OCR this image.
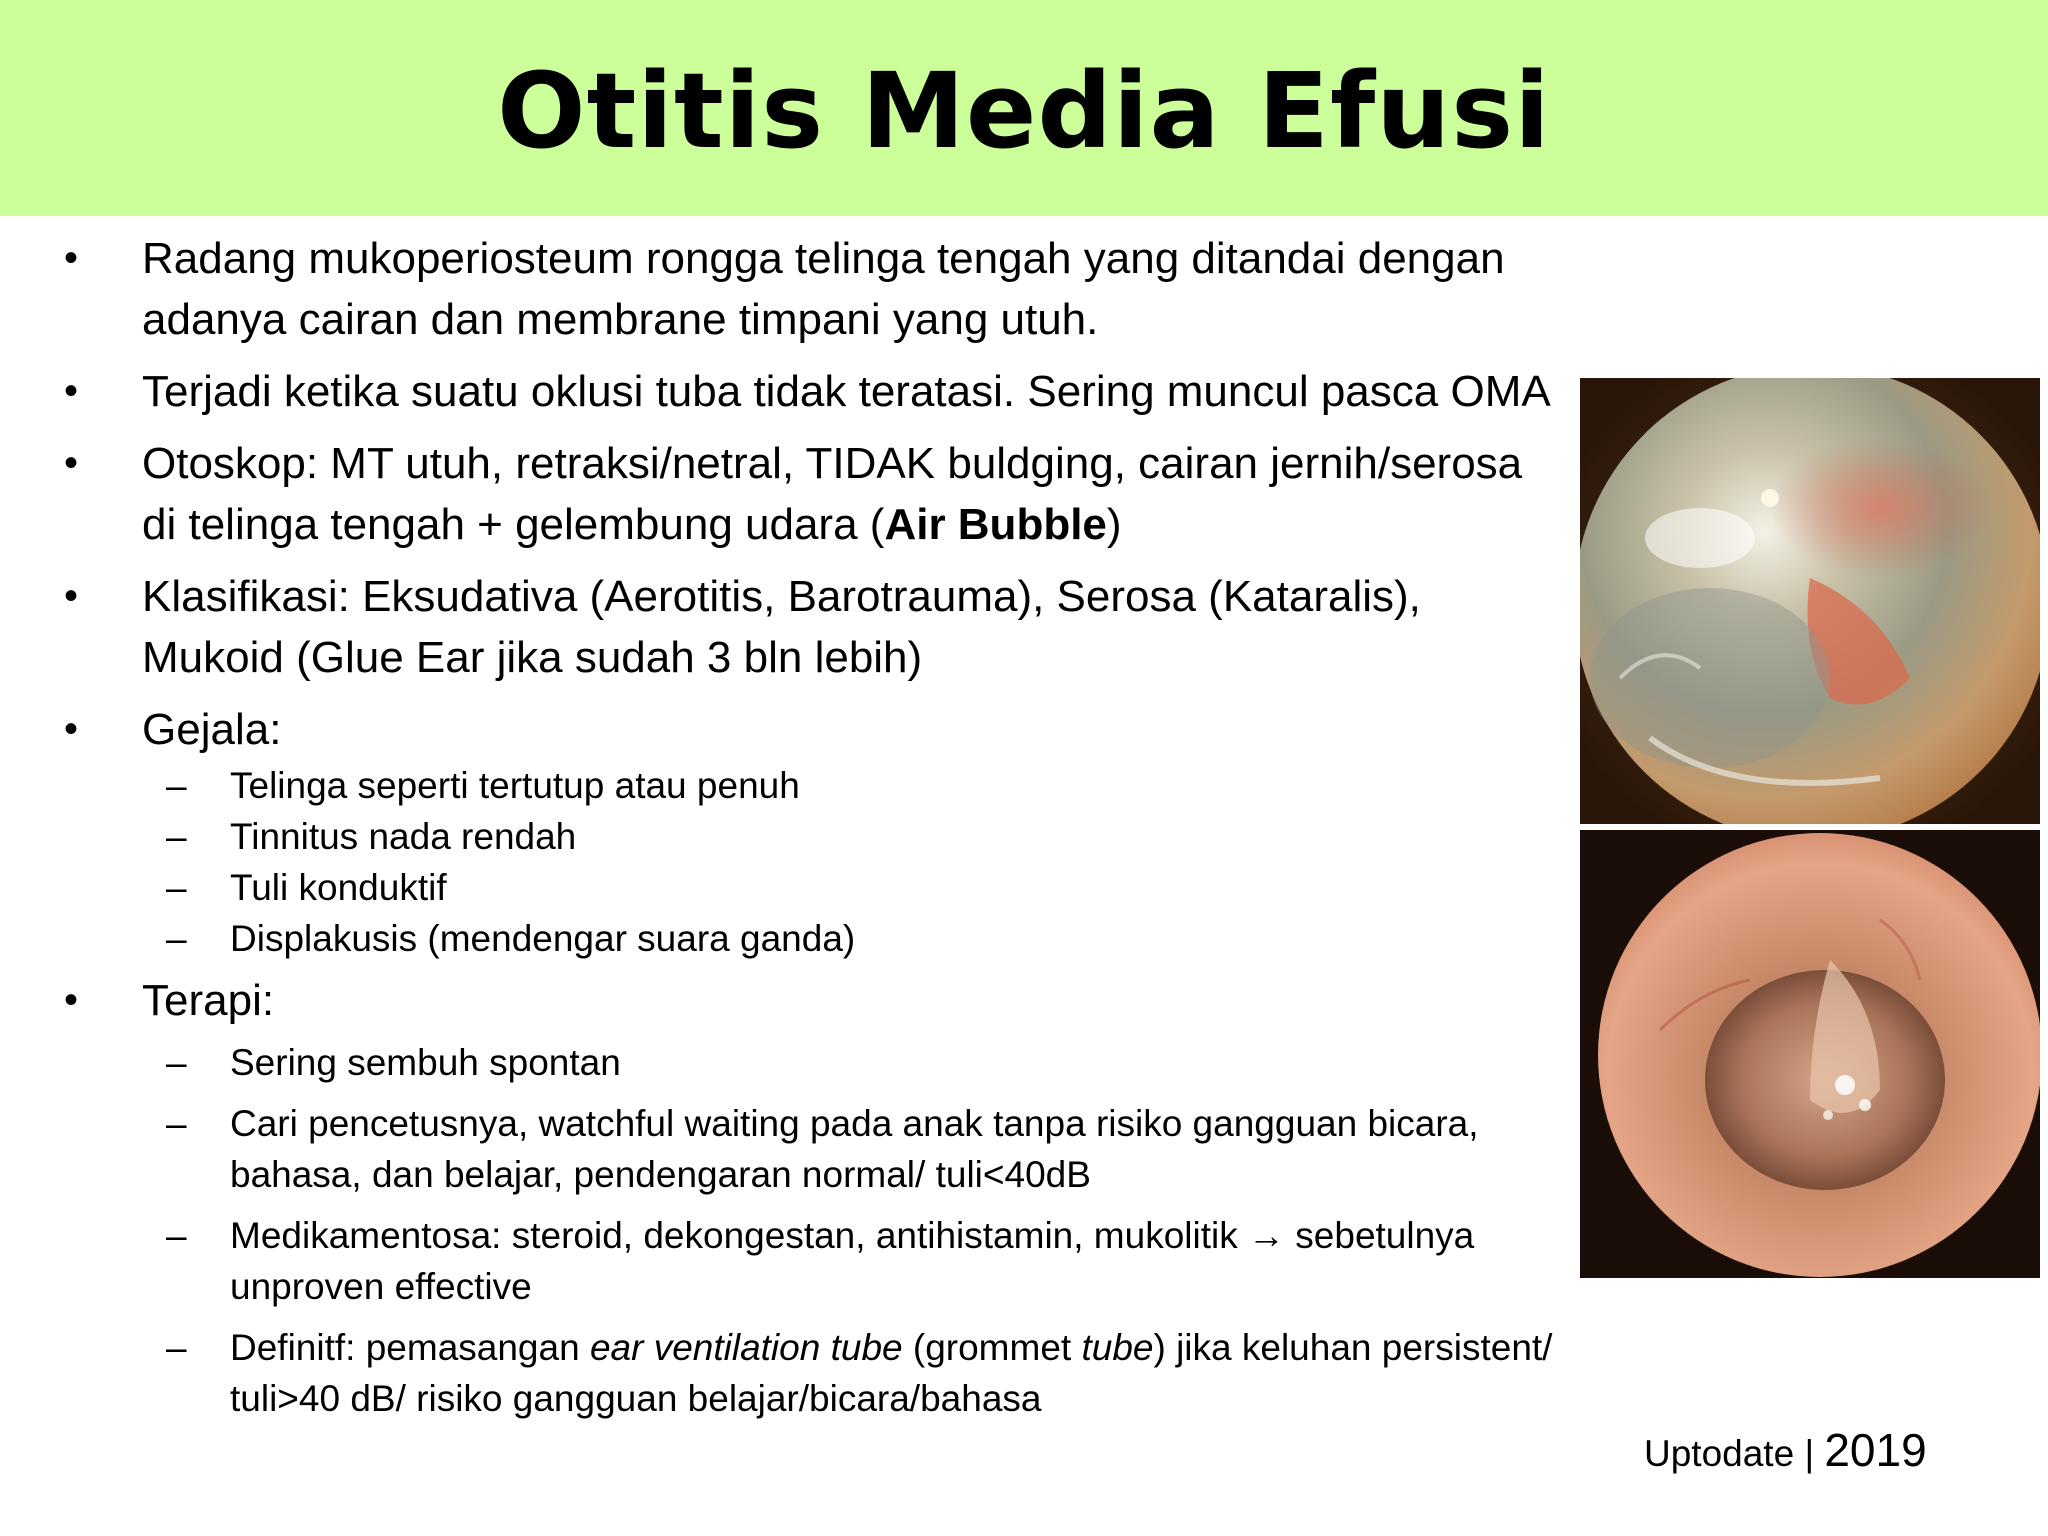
Otitis Media Efusi
• Radang mukoperiosteum rongga telinga tengah yang ditandai dengan adanya cairan dan membrane timpani yang utuh.
• Terjadi ketika suatu oklusi tuba tidak teratasi. Sering muncul pasca OMA
• Otoskop: MT utuh, retraksi/netral, TIDAK buldging, cairan jernih/serosa di telinga tengah + gelembung udara (Air Bubble)
• Klasifikasi: Eksudativa (Aerotitis, Barotrauma), Serosa (Kataralis), Mukoid (Glue Ear jika sudah 3 bln lebih)
• Gejala:
– Telinga seperti tertutup atau penuh
– Tinnitus nada rendah
– Tuli konduktif
– Displakusis (mendengar suara ganda)
• Terapi:
– Sering sembuh spontan
– Cari pencetusnya, watchful waiting pada anak tanpa risiko gangguan bicara, bahasa, dan belajar, pendengaran normal/ tuli<40dB
– Medikamentosa: steroid, dekongestan, antihistamin, mukolitik → sebetulnya unproven effective
– Definitf: pemasangan ear ventilation tube (grommet tube) jika keluhan persistent/ tuli>40 dB/ risiko gangguan belajar/bicara/bahasa
Uptodate | 2019
